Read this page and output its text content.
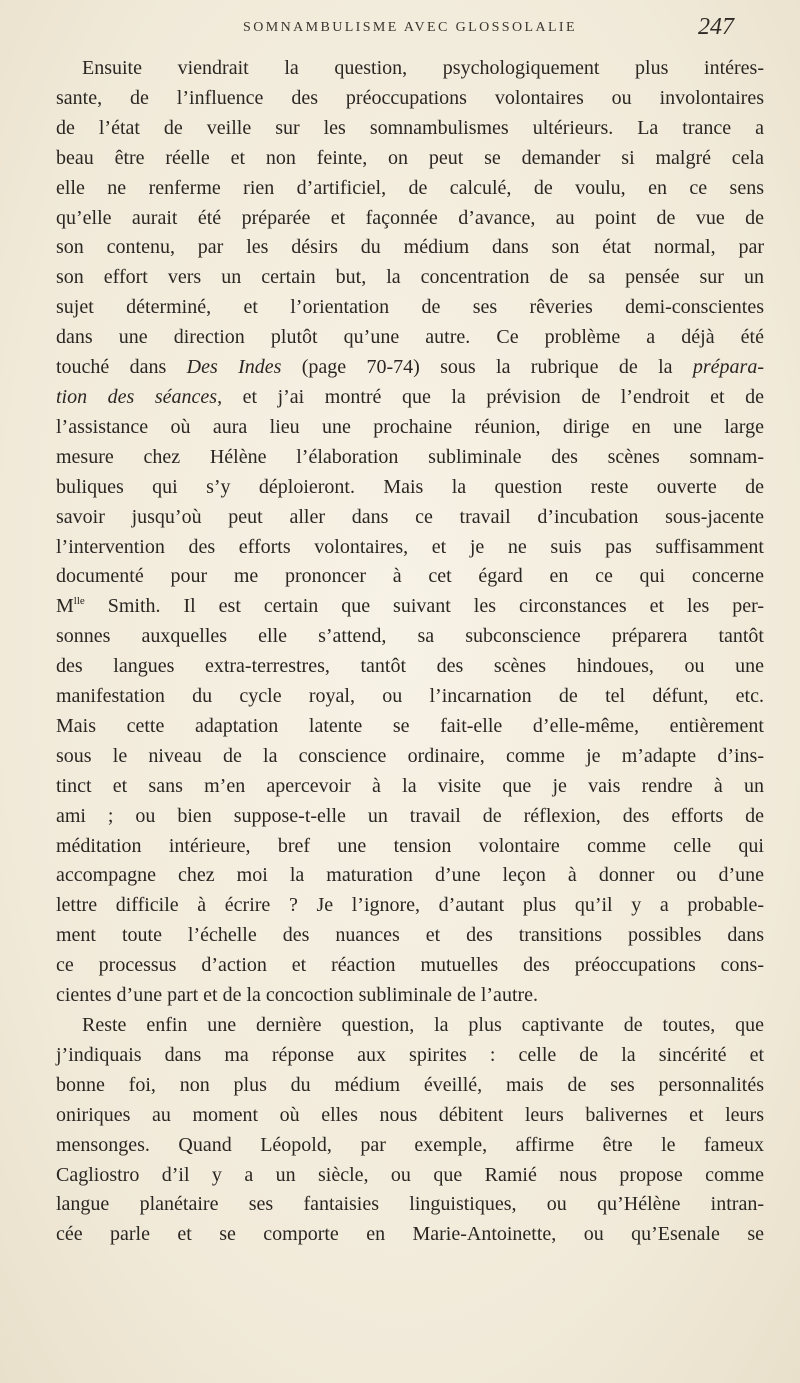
SOMNAMBULISME AVEC GLOSSOLALIE	247

Ensuite viendrait la question, psychologiquement plus intéres-
sante, de l’influence des préoccupations volontaires ou involontaires
de l’état de veille sur les somnambulismes ultérieurs. La trance a
beau être réelle et non feinte, on peut se demander si malgré cela
elle ne renferme rien d’artificiel, de calculé, de voulu, en ce sens
qu’elle aurait été préparée et façonnée d’avance, au point de vue de
son contenu, par les désirs du médium dans son état normal, par
son effort vers un certain but, la concentration de sa pensée sur un
sujet déterminé, et l’orientation de ses rêveries demi-conscientes
dans une direction plutôt qu’une autre. Ce problème a déjà été
touché dans Des Indes (page 70-74) sous la rubrique de la prépara-
tion des séances, et j’ai montré que la prévision de l’endroit et de
l’assistance où aura lieu une prochaine réunion, dirige en une large
mesure chez Hélène l’élaboration subliminale des scènes somnam-
buliques qui s’y déploieront. Mais la question reste ouverte de
savoir jusqu’où peut aller dans ce travail d’incubation sous-jacente
l’intervention des efforts volontaires, et je ne suis pas suffisamment
documenté pour me prononcer à cet égard en ce qui concerne
$M^{lle}$ Smith. Il est certain que suivant les circonstances et les per-
sonnes auxquelles elle s’attend, sa subconscience préparera tantôt
des langues extra-terrestres, tantôt des scènes hindoues, ou une
manifestation du cycle royal, ou l’incarnation de tel défunt, etc.
Mais cette adaptation latente se fait-elle d’elle-même, entièrement
sous le niveau de la conscience ordinaire, comme je m’adapte d’ins-
tinct et sans m’en apercevoir à la visite que je vais rendre à un
ami ; ou bien suppose-t-elle un travail de réflexion, des efforts de
méditation intérieure, bref une tension volontaire comme celle qui
accompagne chez moi la maturation d’une leçon à donner ou d’une
lettre difficile à écrire ? Je l’ignore, d’autant plus qu’il y a probable-
ment toute l’échelle des nuances et des transitions possibles dans
ce processus d’action et réaction mutuelles des préoccupations cons-
cientes d’une part et de la concoction subliminale de l’autre.

Reste enfin une dernière question, la plus captivante de toutes, que
j’indiquais dans ma réponse aux spirites : celle de la sincérité et
bonne foi, non plus du médium éveillé, mais de ses personnalités
oniriques au moment où elles nous débitent leurs balivernes et leurs
mensonges. Quand Léopold, par exemple, affirme être le fameux
Cagliostro d’il y a un siècle, ou que Ramié nous propose comme
langue planétaire ses fantaisies linguistiques, ou qu’Hélène intran-
cée parle et se comporte en Marie-Antoinette, ou qu’Esenale se
